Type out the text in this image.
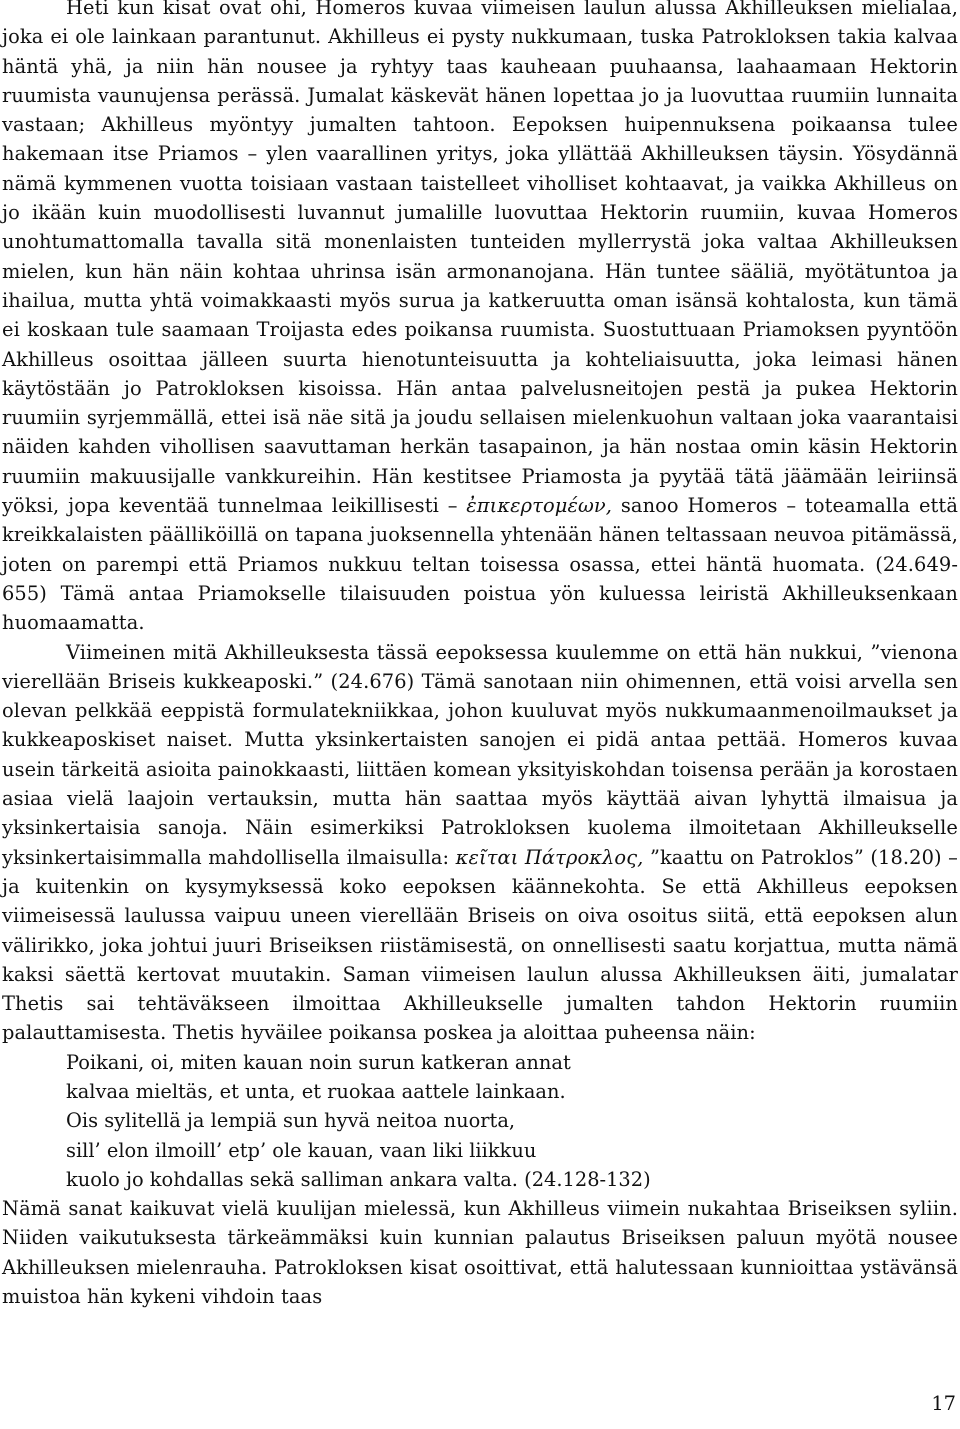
Heti kun kisat ovat ohi, Homeros kuvaa viimeisen laulun alussa Akhilleuksen mielialaa, joka ei ole lainkaan parantunut. Akhilleus ei pysty nukkumaan, tuska Patrokloksen takia kalvaa häntä yhä, ja niin hän nousee ja ryhtyy taas kauheaan puuhaansa, laahaamaan Hektorin ruumista vaunujensa perässä. Jumalat käskevät hänen lopettaa jo ja luovuttaa ruumiin lunnaita vastaan; Akhilleus myöntyy jumalten tahtoon. Eepoksen huipennuksena poikaansa tulee hakemaan itse Priamos – ylen vaarallinen yritys, joka yllättää Akhilleuksen täysin. Yösydännä nämä kymmenen vuotta toisiaan vastaan taistelleet viholliset kohtaavat, ja vaikka Akhilleus on jo ikään kuin muodollisesti luvannut jumalille luovuttaa Hektorin ruumiin, kuvaa Homeros unohtumattomalla tavalla sitä monenlaisten tunteiden myllerrystä joka valtaa Akhilleuksen mielen, kun hän näin kohtaa uhrinsa isän armonanojana. Hän tuntee sääliä, myötätuntoa ja ihailua, mutta yhtä voimakkaasti myös surua ja katkeruutta oman isänsä kohtalosta, kun tämä ei koskaan tule saamaan Troijasta edes poikansa ruumista. Suostuttuaan Priamoksen pyyntöön Akhilleus osoittaa jälleen suurta hienotunteisuutta ja kohteliaisuutta, joka leimasi hänen käytöstään jo Patrokloksen kisoissa. Hän antaa palvelusneitojen pestä ja pukea Hektorin ruumiin syrjemmällä, ettei isä näe sitä ja joudu sellaisen mielenkuohun valtaan joka vaarantaisi näiden kahden vihollisen saavuttaman herkän tasapainon, ja hän nostaa omin käsin Hektorin ruumiin makuusijalle vankkureihin. Hän kestitsee Priamosta ja pyytää tätä jäämään leiriinsä yöksi, jopa keventää tunnelmaa leikillisesti – ἐπικερτομέων, sanoo Homeros – toteamalla että kreikkalaisten päälliköillä on tapana juoksennella yhtenään hänen teltassaan neuvoa pitämässä, joten on parempi että Priamos nukkuu teltan toisessa osassa, ettei häntä huomata. (24.649-655) Tämä antaa Priamokselle tilaisuuden poistua yön kuluessa leiristä Akhilleuksenkaan huomaamatta.

Viimeinen mitä Akhilleuksesta tässä eepoksessa kuulemme on että hän nukkui, ”vienona vierellään Briseis kukkeaposki.” (24.676) Tämä sanotaan niin ohimennen, että voisi arvella sen olevan pelkkää eeppistä formulatekniikkaa, johon kuuluvat myös nukkumaanmenoilmaukset ja kukkeaposkiset naiset. Mutta yksinkertaisten sanojen ei pidä antaa pettää. Homeros kuvaa usein tärkeitä asioita painokkaasti, liittäen komean yksityiskohdan toisensa perään ja korostaen asiaa vielä laajoin vertauksin, mutta hän saattaa myös käyttää aivan lyhyttä ilmaisua ja yksinkertaisia sanoja. Näin esimerkiksi Patrokloksen kuolema ilmoitetaan Akhilleukselle yksinkertaisimmalla mahdollisella ilmaisulla: κεῖται Πάτροκλος, ”kaattu on Patroklos” (18.20) – ja kuitenkin on kysymyksessä koko eepoksen käännekohta. Se että Akhilleus eepoksen viimeisessä laulussa vaipuu uneen vierellään Briseis on oiva osoitus siitä, että eepoksen alun välirikko, joka johtui juuri Briseiksen riistämisestä, on onnellisesti saatu korjattua, mutta nämä kaksi säettä kertovat muutakin. Saman viimeisen laulun alussa Akhilleuksen äiti, jumalatar Thetis sai tehtäväkseen ilmoittaa Akhilleukselle jumalten tahdon Hektorin ruumiin palauttamisesta. Thetis hyväilee poikansa poskea ja aloittaa puheensa näin:

Poikani, oi, miten kauan noin surun katkeran annat
kalvaa mieltäs, et unta, et ruokaa aattele lainkaan.
Ois sylitellä ja lempiä sun hyvä neitoa nuorta,
sill’ elon ilmoill’ etp’ ole kauan, vaan liki liikkuu
kuolo jo kohdallas sekä salliman ankara valta. (24.128-132)

Nämä sanat kaikuvat vielä kuulijan mielessä, kun Akhilleus viimein nukahtaa Briseiksen syliin. Niiden vaikutuksesta tärkeämmäksi kuin kunnian palautus Briseiksen paluun myötä nousee Akhilleuksen mielenrauha. Patrokloksen kisat osoittivat, että halutessaan kunnioittaa ystävänsä muistoa hän kykeni vihdoin taas

17
